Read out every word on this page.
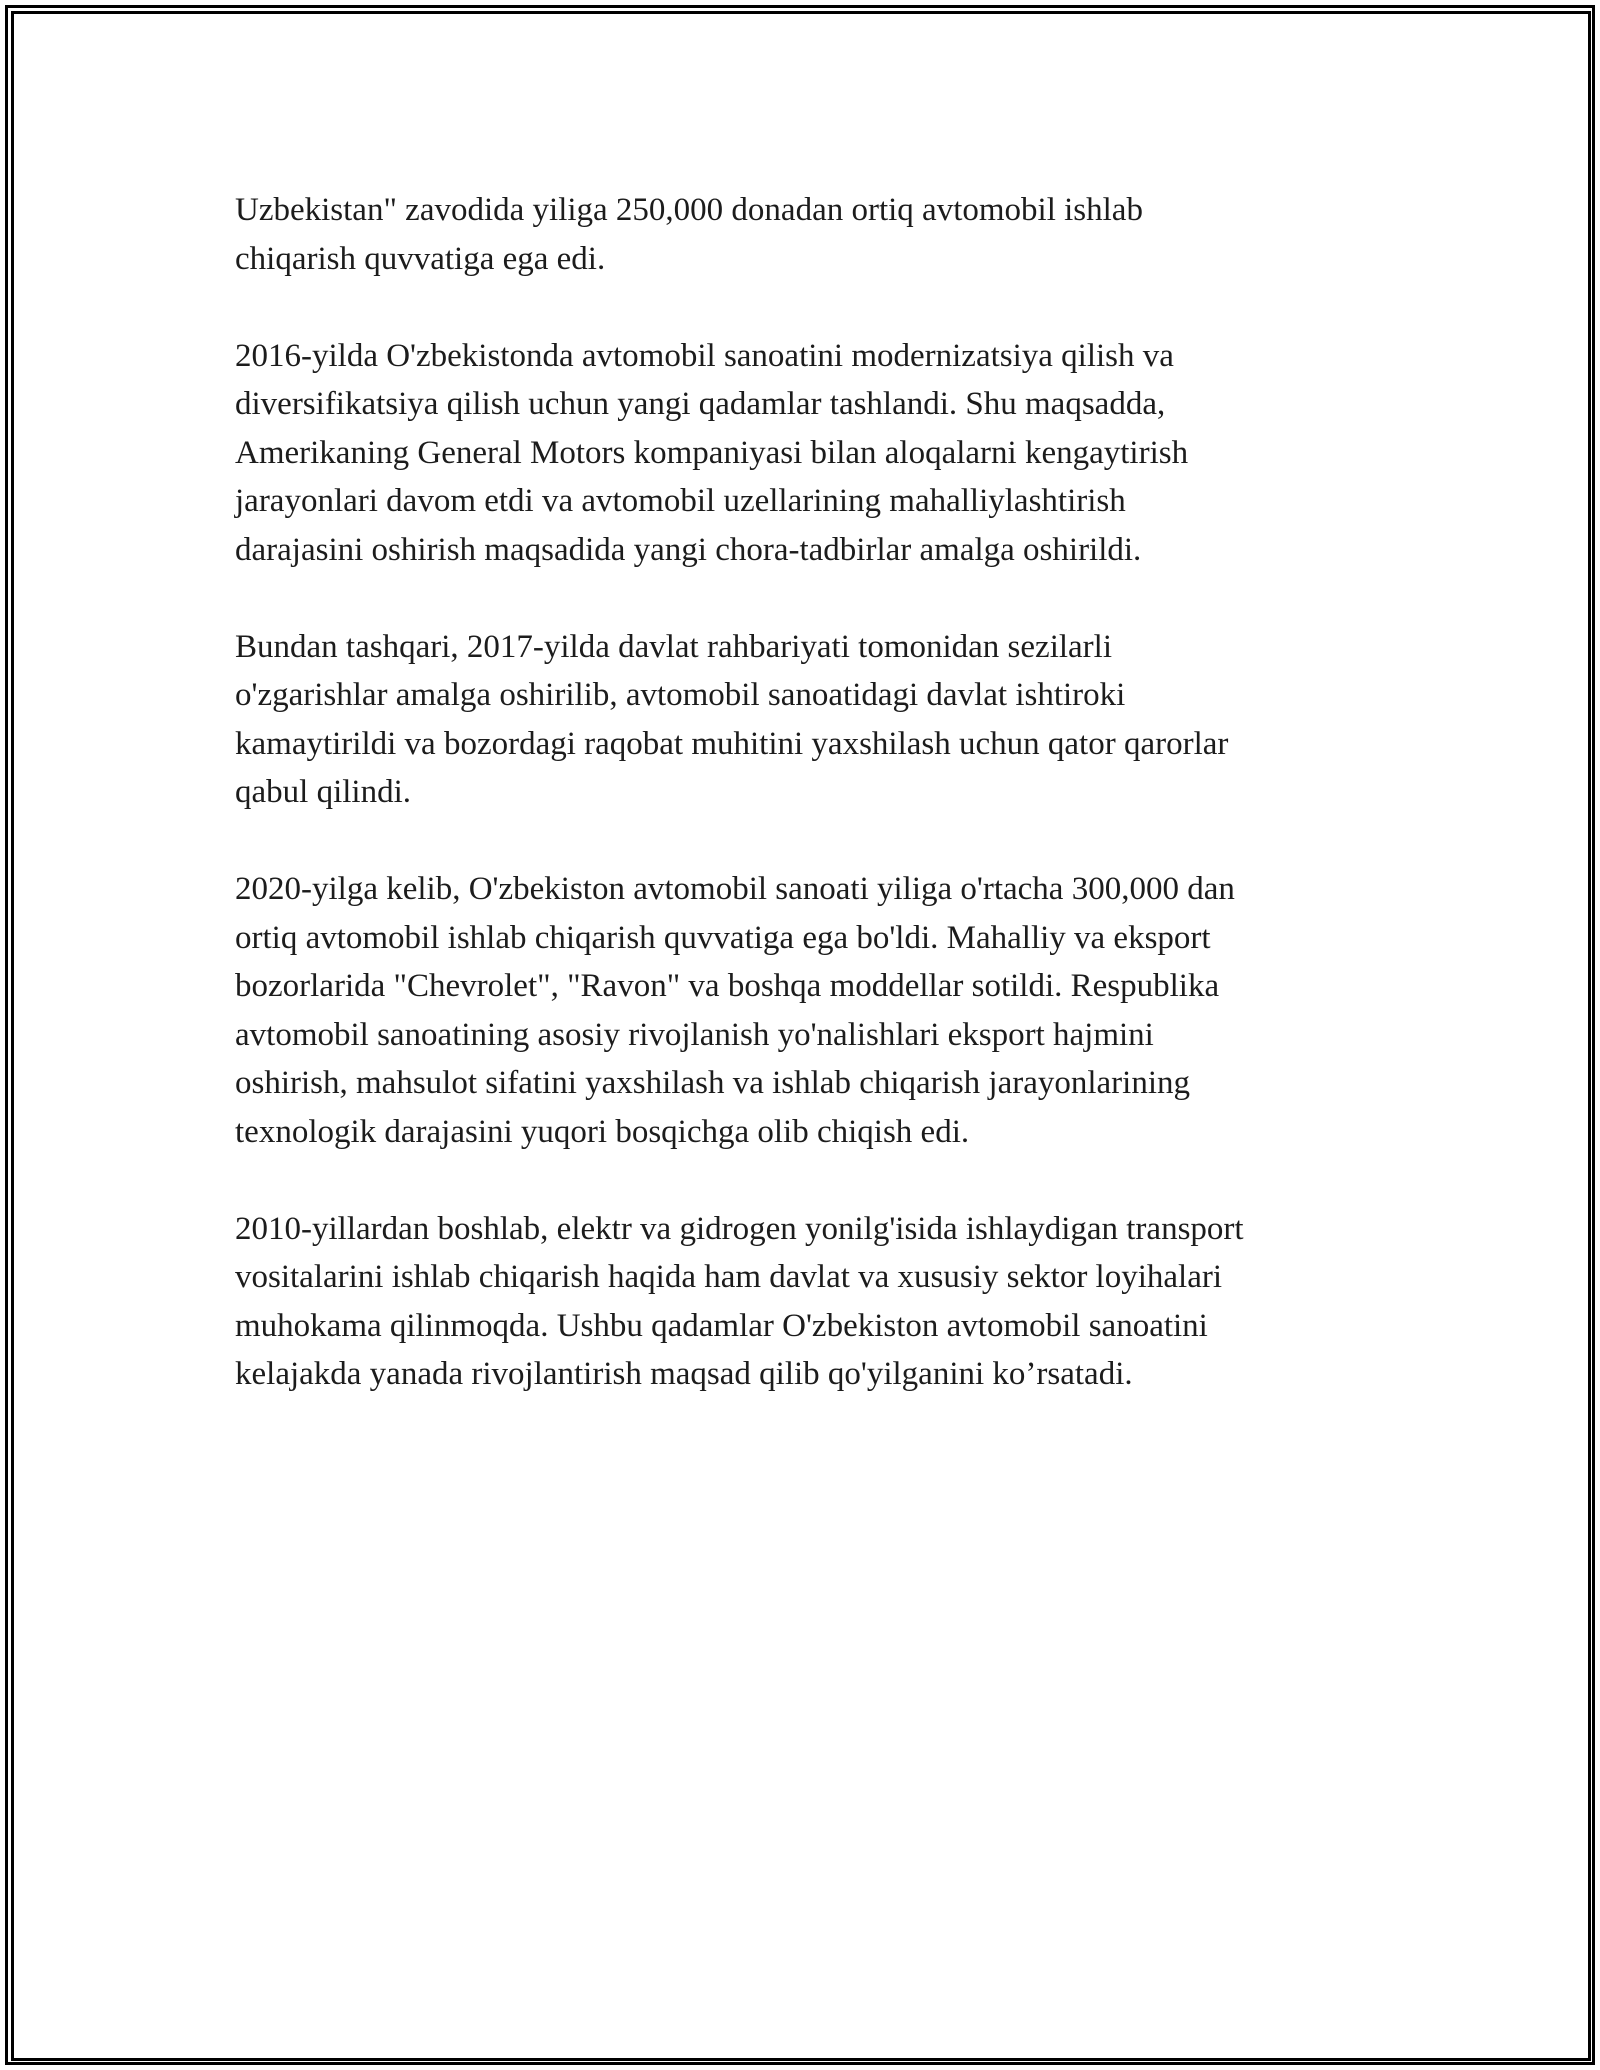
Uzbekistan" zavodida yiliga 250,000 donadan ortiq avtomobil ishlab
chiqarish quvvatiga ega edi.

2016-yilda O'zbekistonda avtomobil sanoatini modernizatsiya qilish va
diversifikatsiya qilish uchun yangi qadamlar tashlandi. Shu maqsadda,
Amerikaning General Motors kompaniyasi bilan aloqalarni kengaytirish
jarayonlari davom etdi va avtomobil uzellarining mahalliylashtirish
darajasini oshirish maqsadida yangi chora-tadbirlar amalga oshirildi.

Bundan tashqari, 2017-yilda davlat rahbariyati tomonidan sezilarli
o'zgarishlar amalga oshirilib, avtomobil sanoatidagi davlat ishtiroki
kamaytirildi va bozordagi raqobat muhitini yaxshilash uchun qator qarorlar
qabul qilindi.

2020-yilga kelib, O'zbekiston avtomobil sanoati yiliga o'rtacha 300,000 dan
ortiq avtomobil ishlab chiqarish quvvatiga ega bo'ldi. Mahalliy va eksport
bozorlarida "Chevrolet", "Ravon" va boshqa moddellar sotildi. Respublika
avtomobil sanoatining asosiy rivojlanish yo'nalishlari eksport hajmini
oshirish, mahsulot sifatini yaxshilash va ishlab chiqarish jarayonlarining
texnologik darajasini yuqori bosqichga olib chiqish edi.

2010-yillardan boshlab, elektr va gidrogen yonilg'isida ishlaydigan transport
vositalarini ishlab chiqarish haqida ham davlat va xususiy sektor loyihalari
muhokama qilinmoqda. Ushbu qadamlar O'zbekiston avtomobil sanoatini
kelajakda yanada rivojlantirish maqsad qilib qo'yilganini ko’rsatadi.
